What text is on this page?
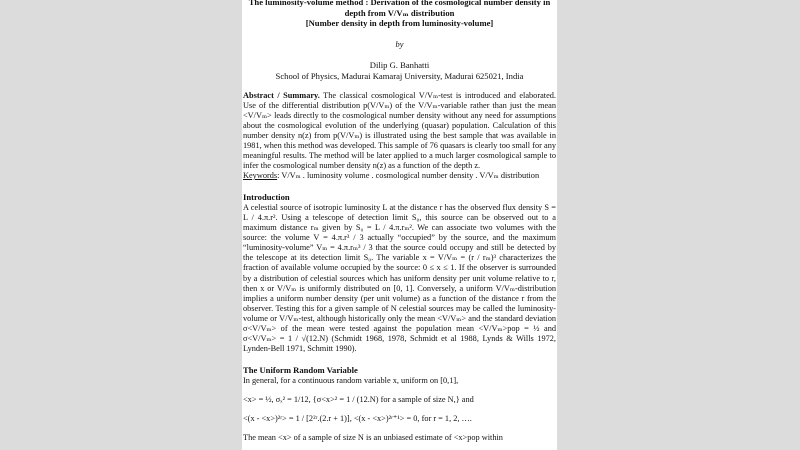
The luminosity-volume method : Derivation of the cosmological number density in

depth from V/Vₘ distribution

[Number density in depth from luminosity-volume]

by
Dilip G. Banhatti
School of Physics, Madurai Kamaraj University, Madurai 625021, India

Abstract / Summary. The classical cosmological V/Vₘ-test is introduced and elaborated. Use of the differential distribution p(V/Vₘ) of the V/Vₘ-variable rather than just the mean <V/Vₘ> leads directly to the cosmological number density without any need for assumptions about the cosmological evolution of the underlying (quasar) population. Calculation of this number density n(z) from p(V/Vₘ) is illustrated using the best sample that was available in 1981, when this method was developed. This sample of 76 quasars is clearly too small for any meaningful results. The method will be later applied to a much larger cosmological sample to infer the cosmological number density n(z) as a function of the depth z.

Keywords: V/Vₘ . luminosity volume . cosmological number density . V/Vₘ distribution

Introduction

A celestial source of isotropic luminosity L at the distance r has the observed flux density S = L / 4.π.r². Using a telescope of detection limit S₀, this source can be observed out to a maximum distance rₘ given by S₀ = L / 4.π.rₘ². We can associate two volumes with the source: the volume V = 4.π.r³ / 3 actually “occupied” by the source, and the maximum “luminosity-volume” Vₘ = 4.π.rₘ³ / 3 that the source could occupy and still be detected by the telescope at its detection limit S₀. The variable x = V/Vₘ = (r / rₘ)³ characterizes the fraction of available volume occupied by the source: 0 ≤ x ≤ 1. If the observer is surrounded by a distribution of celestial sources which has uniform density per unit volume relative to r, then x or V/Vₘ is uniformly distributed on [0, 1]. Conversely, a uniform V/Vₘ-distribution implies a uniform number density (per unit volume) as a function of the distance r from the observer. Testing this for a given sample of N celestial sources may be called the luminosity-volume or V/Vₘ-test, although historically only the mean <V/Vₘ> and the standard deviation σ<V/Vₘ> of the mean were tested against the population mean <V/Vₘ>pop = ½ and σ<V/Vₘ> = 1 / √(12.N) (Schmidt 1968, 1978, Schmidt et al 1988, Lynds & Wills 1972, Lynden-Bell 1971, Schmitt 1990).

The Uniform Random Variable

In general, for a continuous random variable x, uniform on [0,1],

<x> = ½, σₓ² = 1/12, {σ<x>² = 1 / (12.N) for a sample of size N,} and
<(x - <x>)²ʳ> = 1 / [2²ʳ.(2.r + 1)], <(x - <x>)²ʳ⁺¹> = 0, for r = 1, 2, ….
The mean <x> of a sample of size N is an unbiased estimate of <x>pop within
